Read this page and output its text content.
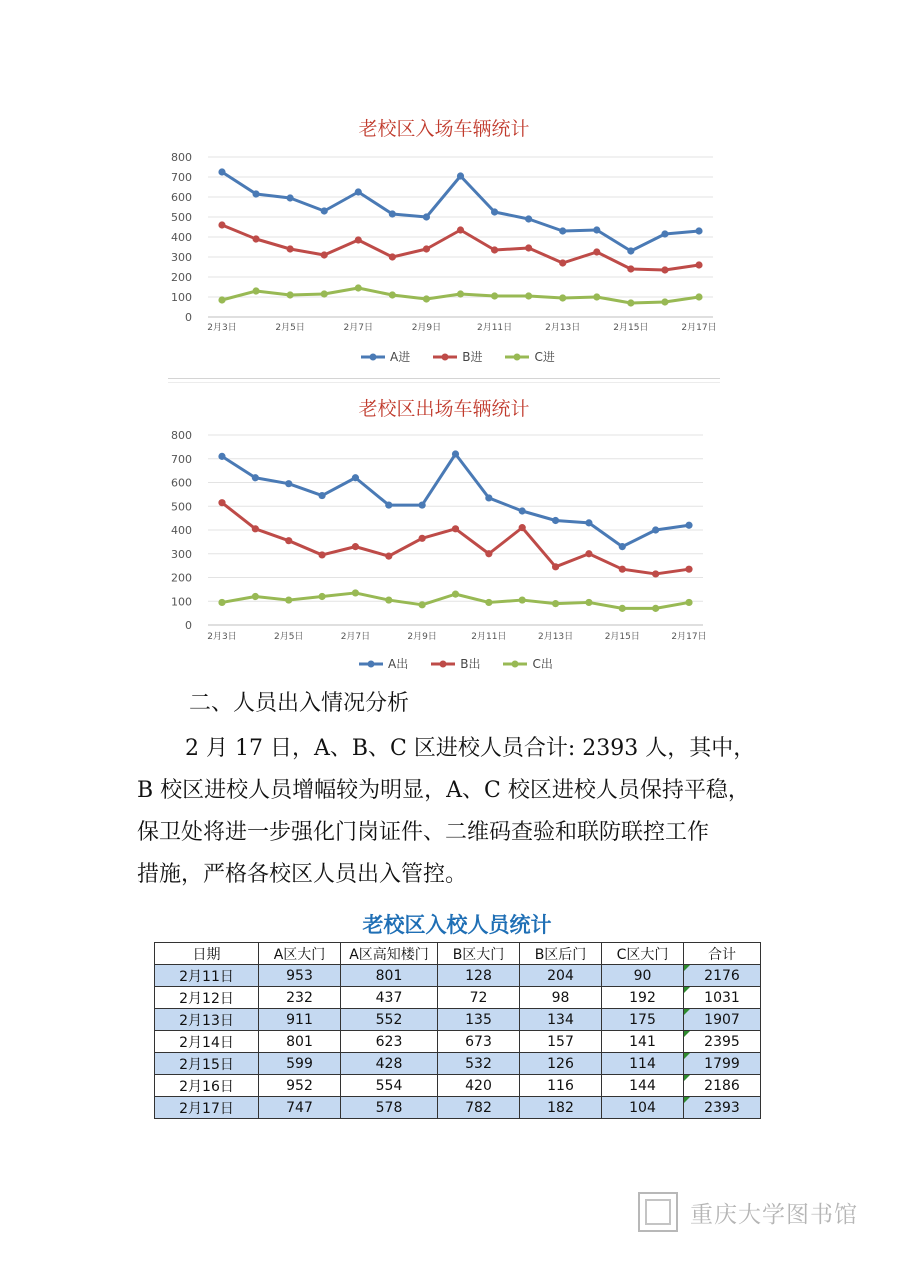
老校区入场车辆统计
0
100
200
300
400
500
600
700
800
2月3日	2月5日	2月7日	2月9日	2月11日	2月13日	2月15日	2月17日
A进	B进	C进
老校区出场车辆统计
0
100
200
300
400
500
600
700
800
2月3日	2月5日	2月7日	2月9日	2月11日	2月13日	2月15日	2月17日
A出	B出	C出
二、人员出入情况分析
2 月 17 日，A、B、C 区进校人员合计: 2393 人，其中，
B 校区进校人员增幅较为明显，A、C 校区进校人员保持平稳，
保卫处将进一步强化门岗证件、二维码查验和联防联控工作
措施，严格各校区人员出入管控。
老校区入校人员统计
日期	A区大门	A区高知楼门	B区大门	B区后门	C区大门	合计
2月11日	953	801	128	204	90	2176
2月12日	232	437	72	98	192	1031
2月13日	911	552	135	134	175	1907
2月14日	801	623	673	157	141	2395
2月15日	599	428	532	126	114	1799
2月16日	952	554	420	116	144	2186
2月17日	747	578	782	182	104	2393
重庆大学图书馆
